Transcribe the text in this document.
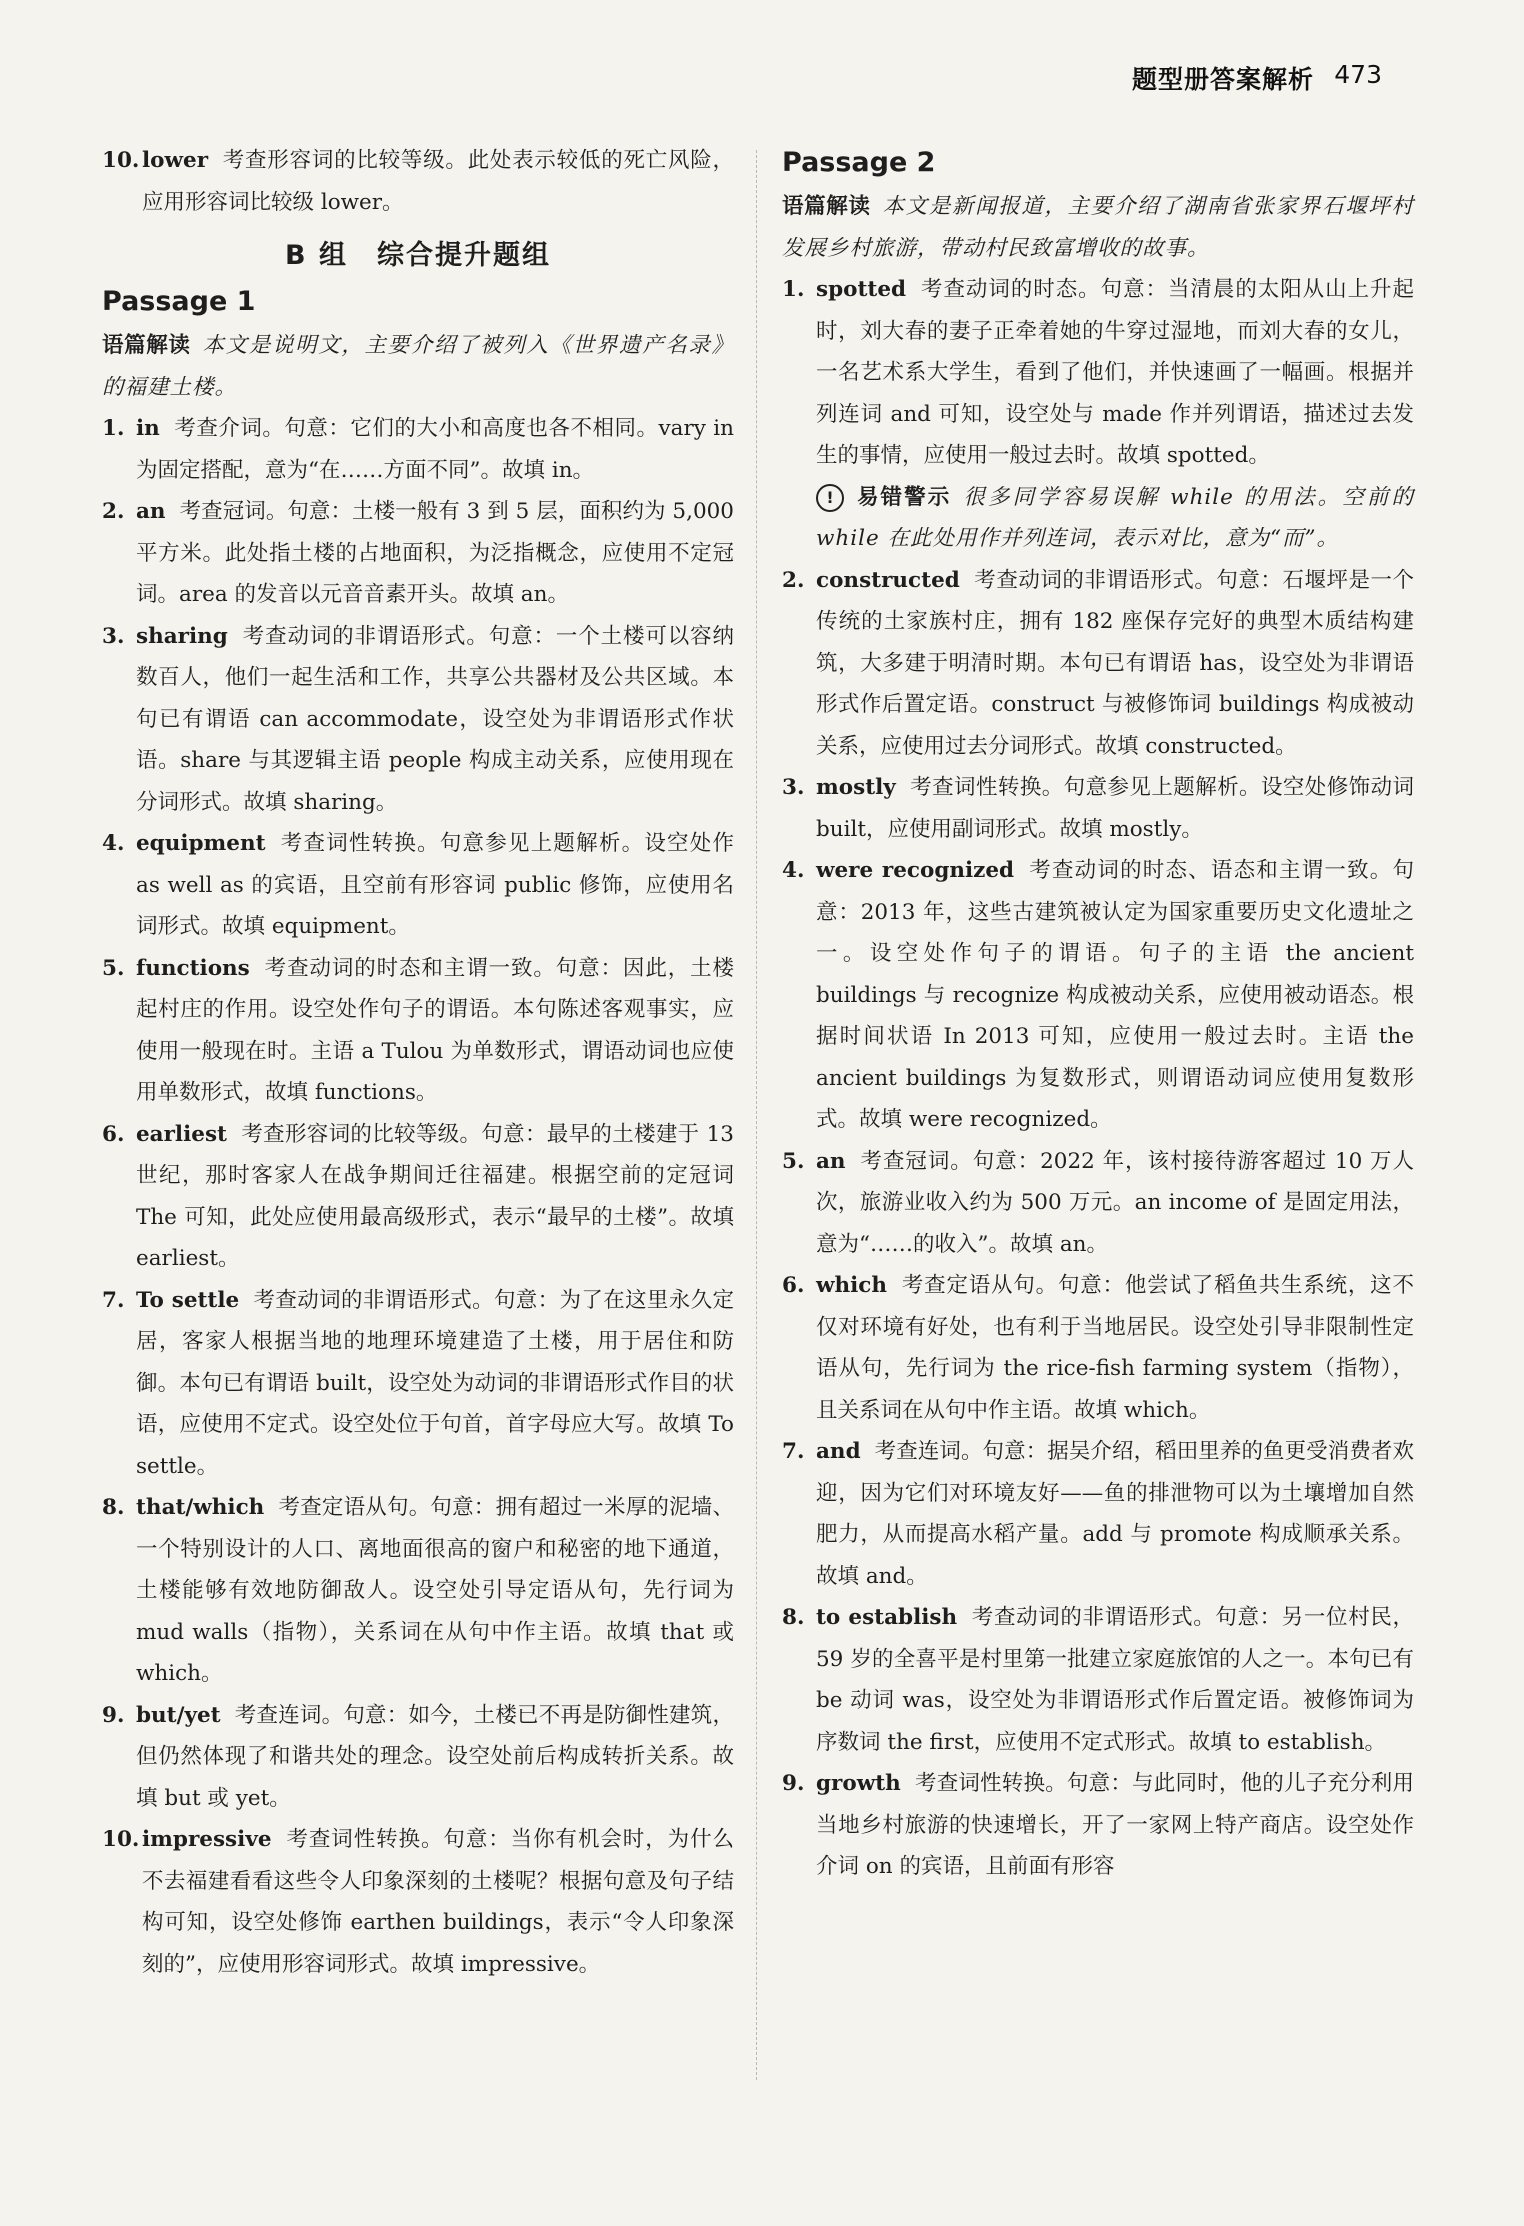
题型册答案解析 473
10. lower 考查形容词的比较等级。此处表示较低的死亡风险，应用形容词比较级 lower。
B 组　综合提升题组
Passage 1
语篇解读 本文是说明文，主要介绍了被列入《世界遗产名录》的福建土楼。
1. in 考查介词。句意：它们的大小和高度也各不相同。vary in 为固定搭配，意为“在……方面不同”。故填 in。
2. an 考查冠词。句意：土楼一般有 3 到 5 层，面积约为 5,000 平方米。此处指土楼的占地面积，为泛指概念，应使用不定冠词。area 的发音以元音音素开头。故填 an。
3. sharing 考查动词的非谓语形式。句意：一个土楼可以容纳数百人，他们一起生活和工作，共享公共器材及公共区域。本句已有谓语 can accommodate，设空处为非谓语形式作状语。share 与其逻辑主语 people 构成主动关系，应使用现在分词形式。故填 sharing。
4. equipment 考查词性转换。句意参见上题解析。设空处作 as well as 的宾语，且空前有形容词 public 修饰，应使用名词形式。故填 equipment。
5. functions 考查动词的时态和主谓一致。句意：因此，土楼起村庄的作用。设空处作句子的谓语。本句陈述客观事实，应使用一般现在时。主语 a Tulou 为单数形式，谓语动词也应使用单数形式，故填 functions。
6. earliest 考查形容词的比较等级。句意：最早的土楼建于 13 世纪，那时客家人在战争期间迁往福建。根据空前的定冠词 The 可知，此处应使用最高级形式，表示“最早的土楼”。故填 earliest。
7. To settle 考查动词的非谓语形式。句意：为了在这里永久定居，客家人根据当地的地理环境建造了土楼，用于居住和防御。本句已有谓语 built，设空处为动词的非谓语形式作目的状语，应使用不定式。设空处位于句首，首字母应大写。故填 To settle。
8. that/which 考查定语从句。句意：拥有超过一米厚的泥墙、一个特别设计的人口、离地面很高的窗户和秘密的地下通道，土楼能够有效地防御敌人。设空处引导定语从句，先行词为 mud walls（指物），关系词在从句中作主语。故填 that 或 which。
9. but/yet 考查连词。句意：如今，土楼已不再是防御性建筑，但仍然体现了和谐共处的理念。设空处前后构成转折关系。故填 but 或 yet。
10. impressive 考查词性转换。句意：当你有机会时，为什么不去福建看看这些令人印象深刻的土楼呢？根据句意及句子结构可知，设空处修饰 earthen buildings，表示“令人印象深刻的”，应使用形容词形式。故填 impressive。
Passage 2
语篇解读 本文是新闻报道，主要介绍了湖南省张家界石堰坪村发展乡村旅游，带动村民致富增收的故事。
1. spotted 考查动词的时态。句意：当清晨的太阳从山上升起时，刘大春的妻子正牵着她的牛穿过湿地，而刘大春的女儿，一名艺术系大学生，看到了他们，并快速画了一幅画。根据并列连词 and 可知，设空处与 made 作并列谓语，描述过去发生的事情，应使用一般过去时。故填 spotted。
! 易错警示 很多同学容易误解 while 的用法。空前的 while 在此处用作并列连词，表示对比，意为“而”。
2. constructed 考查动词的非谓语形式。句意：石堰坪是一个传统的土家族村庄，拥有 182 座保存完好的典型木质结构建筑，大多建于明清时期。本句已有谓语 has，设空处为非谓语形式作后置定语。construct 与被修饰词 buildings 构成被动关系，应使用过去分词形式。故填 constructed。
3. mostly 考查词性转换。句意参见上题解析。设空处修饰动词 built，应使用副词形式。故填 mostly。
4. were recognized 考查动词的时态、语态和主谓一致。句意：2013 年，这些古建筑被认定为国家重要历史文化遗址之一。设空处作句子的谓语。句子的主语 the ancient buildings 与 recognize 构成被动关系，应使用被动语态。根据时间状语 In 2013 可知，应使用一般过去时。主语 the ancient buildings 为复数形式，则谓语动词应使用复数形式。故填 were recognized。
5. an 考查冠词。句意：2022 年，该村接待游客超过 10 万人次，旅游业收入约为 500 万元。an income of 是固定用法，意为“……的收入”。故填 an。
6. which 考查定语从句。句意：他尝试了稻鱼共生系统，这不仅对环境有好处，也有利于当地居民。设空处引导非限制性定语从句，先行词为 the rice-fish farming system（指物），且关系词在从句中作主语。故填 which。
7. and 考查连词。句意：据吴介绍，稻田里养的鱼更受消费者欢迎，因为它们对环境友好——鱼的排泄物可以为土壤增加自然肥力，从而提高水稻产量。add 与 promote 构成顺承关系。故填 and。
8. to establish 考查动词的非谓语形式。句意：另一位村民，59 岁的全喜平是村里第一批建立家庭旅馆的人之一。本句已有 be 动词 was，设空处为非谓语形式作后置定语。被修饰词为序数词 the first，应使用不定式形式。故填 to establish。
9. growth 考查词性转换。句意：与此同时，他的儿子充分利用当地乡村旅游的快速增长，开了一家网上特产商店。设空处作介词 on 的宾语，且前面有形容
